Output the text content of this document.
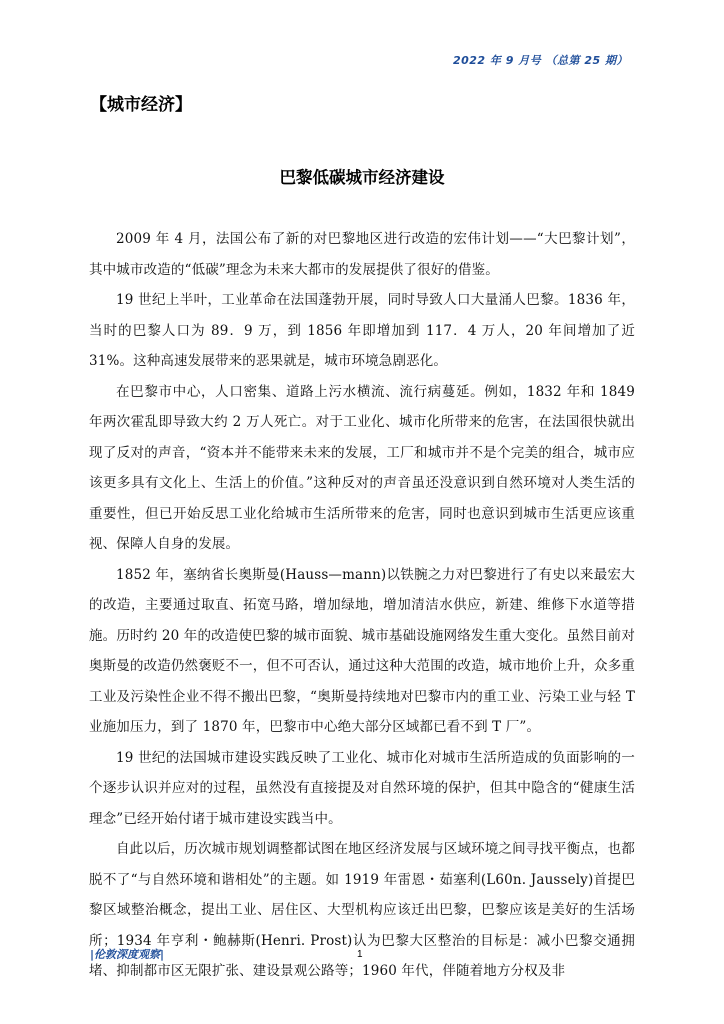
2022 年 9 月号 （总第 25 期）
【城市经济】
巴黎低碳城市经济建设

2009 年 4 月，法国公布了新的对巴黎地区进行改造的宏伟计划——“大巴黎计划”，其中城市改造的“低碳”理念为未来大都市的发展提供了很好的借鉴。

19 世纪上半叶，工业革命在法国蓬勃开展，同时导致人口大量涌人巴黎。1836 年，当时的巴黎人口为 89．9 万，到 1856 年即增加到 117．4 万人，20 年间增加了近 31%。这种高速发展带来的恶果就是，城市环境急剧恶化。

在巴黎市中心，人口密集、道路上污水横流、流行病蔓延。例如，1832 年和 1849 年两次霍乱即导致大约 2 万人死亡。对于工业化、城市化所带来的危害，在法国很快就出现了反对的声音，“资本并不能带来未来的发展，工厂和城市并不是个完美的组合，城市应该更多具有文化上、生活上的价值。”这种反对的声音虽还没意识到自然环境对人类生活的重要性，但已开始反思工业化给城市生活所带来的危害，同时也意识到城市生活更应该重视、保障人自身的发展。

1852 年，塞纳省长奥斯曼(Hauss—mann)以铁腕之力对巴黎进行了有史以来最宏大的改造，主要通过取直、拓宽马路，增加绿地，增加清洁水供应，新建、维修下水道等措施。历时约 20 年的改造使巴黎的城市面貌、城市基础设施网络发生重大变化。虽然目前对奥斯曼的改造仍然褒贬不一，但不可否认，通过这种大范围的改造，城市地价上升，众多重工业及污染性企业不得不搬出巴黎，“奥斯曼持续地对巴黎市内的重工业、污染工业与轻 T 业施加压力，到了 1870 年，巴黎市中心绝大部分区域都已看不到 T 厂”。

19 世纪的法国城市建设实践反映了工业化、城市化对城市生活所造成的负面影响的一个逐步认识并应对的过程，虽然没有直接提及对自然环境的保护，但其中隐含的“健康生活理念”已经开始付诸于城市建设实践当中。

自此以后，历次城市规划调整都试图在地区经济发展与区域环境之间寻找平衡点，也都脱不了“与自然环境和谐相处”的主题。如 1919 年雷恩・茹塞利(L60n. Jaussely)首提巴黎区域整治概念，提出工业、居住区、大型机构应该迁出巴黎，巴黎应该是美好的生活场所；1934 年亨利・鲍赫斯(Henri. Prost)认为巴黎大区整治的目标是：减小巴黎交通拥堵、抑制都市区无限扩张、建设景观公路等；1960 年代，伴随着地方分权及非

|伦敦深度观察|	1
